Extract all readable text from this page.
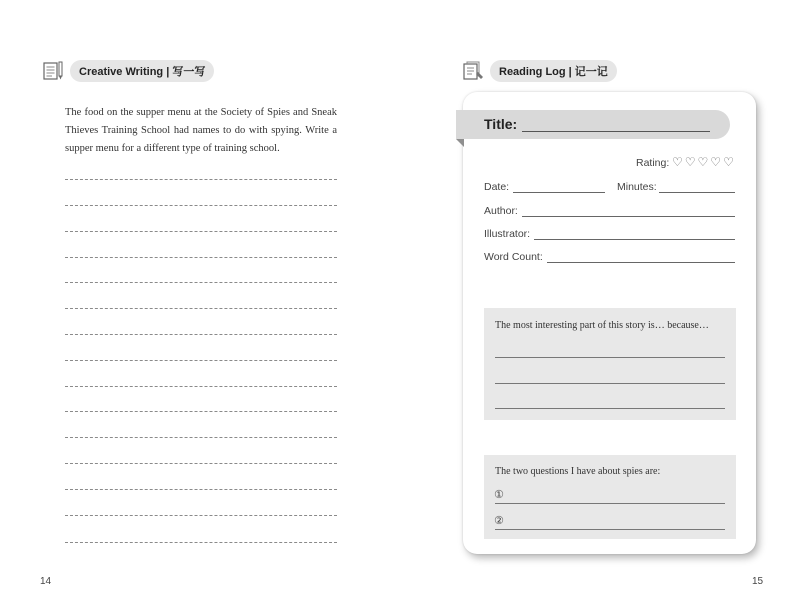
Creative Writing | 写一写
The food on the supper menu at the Society of Spies and Sneak Thieves Training School had names to do with spying. Write a supper menu for a different type of training school.
14
Reading Log | 记一记
Title:
Rating: ♡ ♡ ♡ ♡ ♡
Date:	Minutes:
Author:
Illustrator:
Word Count:
The most interesting part of this story is… because…
The two questions I have about spies are:
①
②
15
